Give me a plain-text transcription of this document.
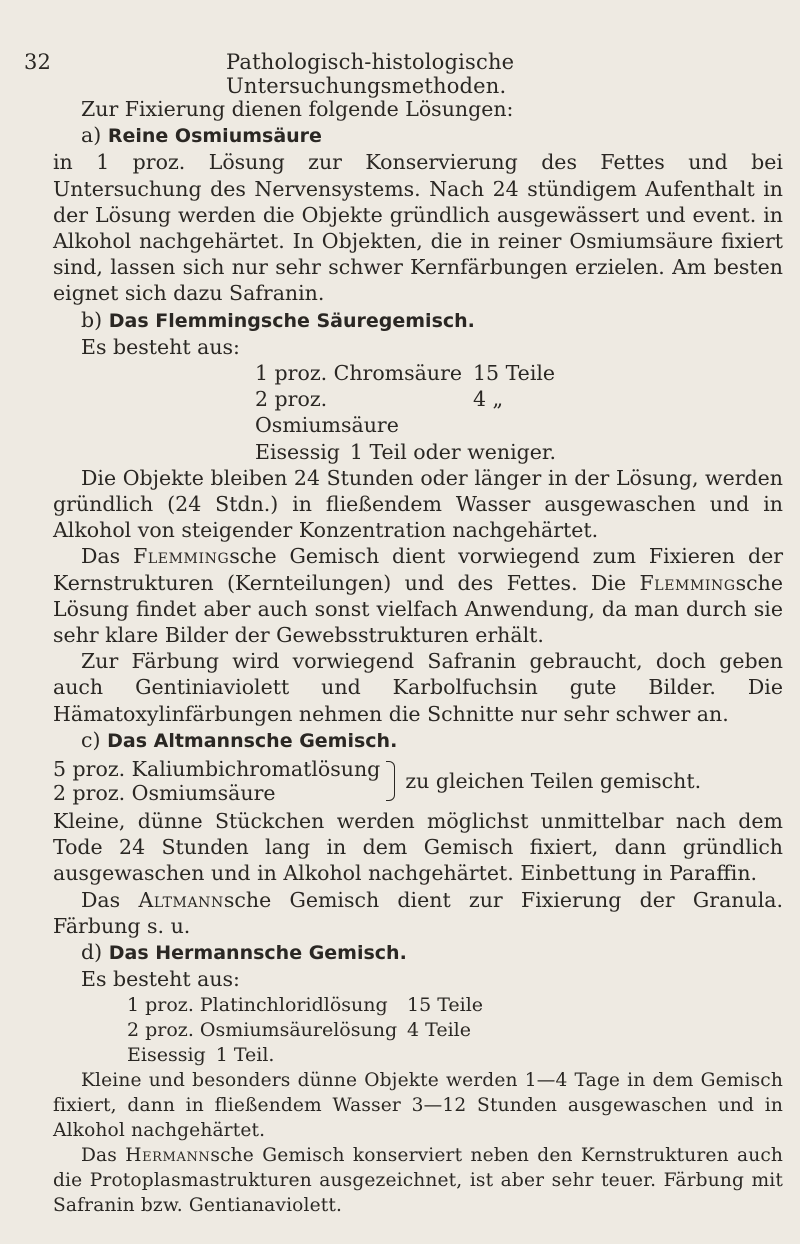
32	Pathologisch-histologische Untersuchungsmethoden.

Zur Fixierung dienen folgende Lösungen:

a) Reine Osmiumsäure

in 1 proz. Lösung zur Konservierung des Fettes und bei Untersuchung des Nervensystems. Nach 24 stündigem Aufenthalt in der Lösung werden die Objekte gründlich ausgewässert und event. in Alkohol nachgehärtet. In Objekten, die in reiner Osmiumsäure fixiert sind, lassen sich nur sehr schwer Kernfärbungen erzielen. Am besten eignet sich dazu Safranin.

b) Das Flemmingsche Säuregemisch.

Es besteht aus:

1 proz. Chromsäure 15 Teile
2 proz. Osmiumsäure
4 „
Eisessig 1 Teil oder weniger.

Die Objekte bleiben 24 Stunden oder länger in der Lösung, werden gründlich (24 Stdn.) in fließendem Wasser ausgewaschen und in Alkohol von steigender Konzentration nachgehärtet.

Das Flemmingsche Gemisch dient vorwiegend zum Fixieren der Kernstrukturen (Kernteilungen) und des Fettes. Die Flemmingsche Lösung findet aber auch sonst vielfach Anwendung, da man durch sie sehr klare Bilder der Gewebsstrukturen erhält.

Zur Färbung wird vorwiegend Safranin gebraucht, doch geben auch Gentiniaviolett und Karbolfuchsin gute Bilder. Die Hämatoxylinfärbungen nehmen die Schnitte nur sehr schwer an.

c) Das Altmannsche Gemisch.

5 proz. Kaliumbichromatlösung
2 proz. Osmiumsäure
zu gleichen Teilen gemischt.

Kleine, dünne Stückchen werden möglichst unmittelbar nach dem Tode 24 Stunden lang in dem Gemisch fixiert, dann gründlich ausgewaschen und in Alkohol nachgehärtet. Einbettung in Paraffin.

Das Altmannsche Gemisch dient zur Fixierung der Granula. Färbung s. u.

d) Das Hermannsche Gemisch.

Es besteht aus:

1 proz. Platinchloridlösung	15 Teile
2 proz. Osmiumsäurelösung 4 Teile
Eisessig 1 Teil.

Kleine und besonders dünne Objekte werden 1—4 Tage in dem Gemisch fixiert, dann in fließendem Wasser 3—12 Stunden ausgewaschen und in Alkohol nachgehärtet.

Das Hermannsche Gemisch konserviert neben den Kernstrukturen auch die Protoplasmastrukturen ausgezeichnet, ist aber sehr teuer. Färbung mit Safranin bzw. Gentianaviolett.
